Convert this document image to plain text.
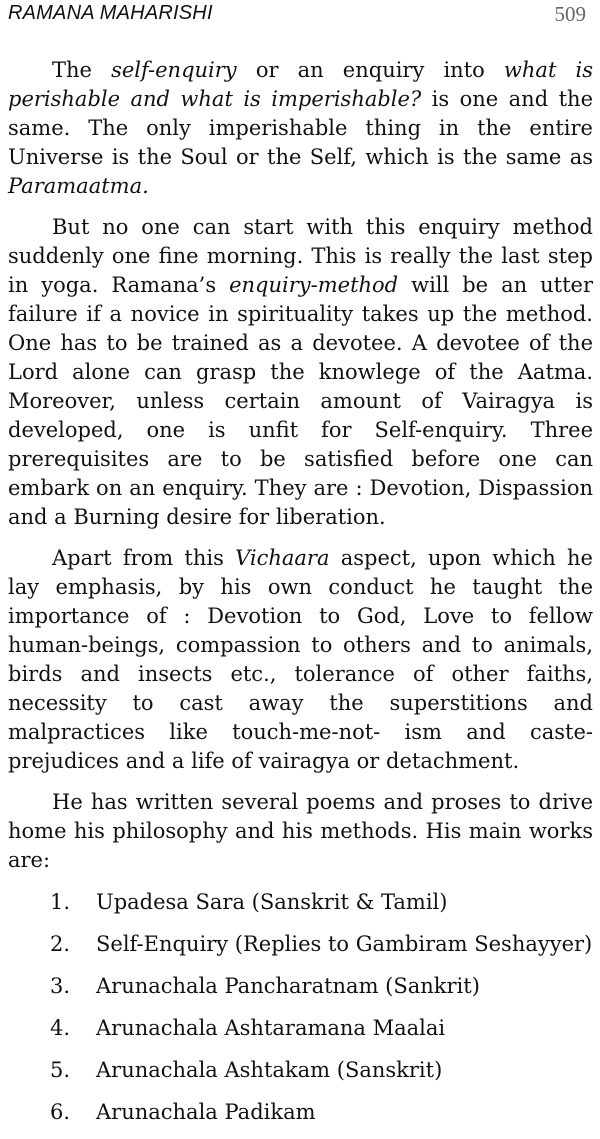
RAMANA MAHARISHI	509

The self-enquiry or an enquiry into what is perishable and what is imperishable? is one and the same. The only imperishable thing in the entire Universe is the Soul or the Self, which is the same as Paramaatma.

But no one can start with this enquiry method suddenly one fine morning. This is really the last step in yoga. Ramana’s enquiry-method will be an utter failure if a novice in spirituality takes up the method. One has to be trained as a devotee. A devotee of the Lord alone can grasp the knowlege of the Aatma. Moreover, unless certain amount of Vairagya is developed, one is unfit for Self-enquiry. Three prerequisites are to be satisfied before one can embark on an enquiry. They are : Devotion, Dispassion and a Burning desire for liberation.

Apart from this Vichaara aspect, upon which he lay emphasis, by his own conduct he taught the importance of : Devotion to God, Love to fellow human-beings, compassion to others and to animals, birds and insects etc., tolerance of other faiths, necessity to cast away the superstitions and malpractices like touch-me-not- ism and caste-prejudices and a life of vairagya or detachment.

He has written several poems and proses to drive home his philosophy and his methods. His main works are:

1.	Upadesa Sara (Sanskrit & Tamil)
2.	Self-Enquiry (Replies to Gambiram Seshayyer)
3.	Arunachala Pancharatnam (Sankrit)
4.	Arunachala Ashtaramana Maalai
5.	Arunachala Ashtakam (Sanskrit)
6.	Arunachala Padikam
